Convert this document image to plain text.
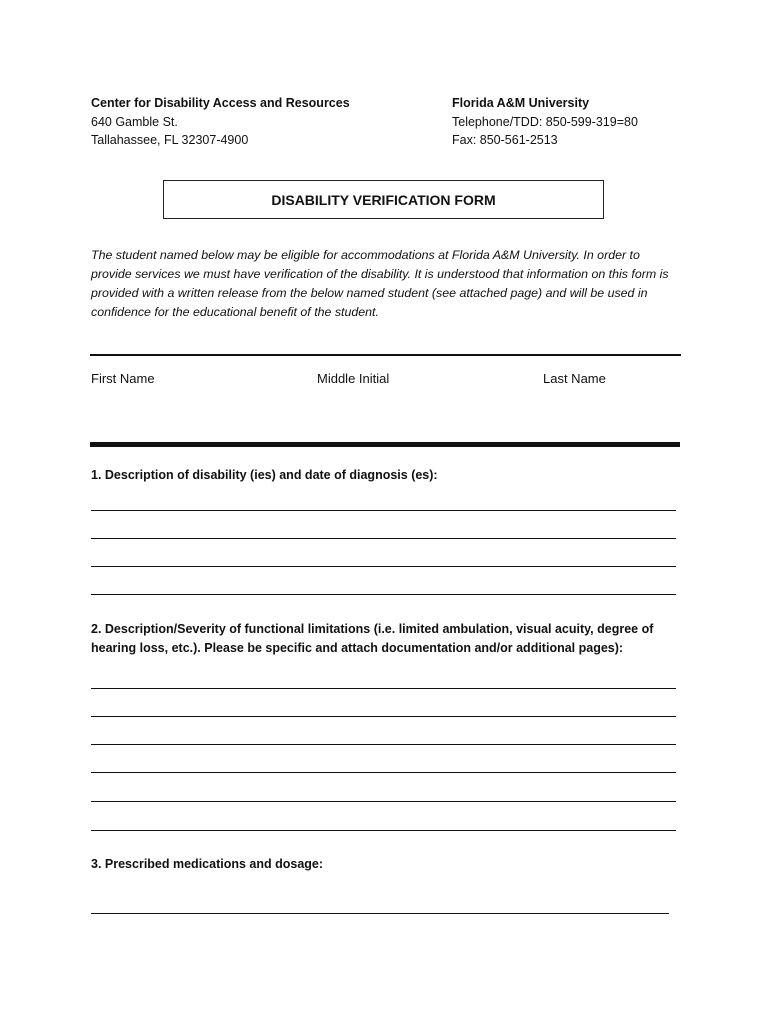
Center for Disability Access and Resources
640 Gamble St.
Tallahassee, FL 32307-4900
Florida A&M University
Telephone/TDD: 850-599-319=80
Fax: 850-561-2513
DISABILITY VERIFICATION FORM
The student named below may be eligible for accommodations at Florida A&M University. In order to provide services we must have verification of the disability. It is understood that information on this form is provided with a written release from the below named student (see attached page) and will be used in confidence for the educational benefit of the student.
First Name	Middle Initial	Last Name
1. Description of disability (ies) and date of diagnosis (es):
2. Description/Severity of functional limitations (i.e. limited ambulation, visual acuity, degree of hearing loss, etc.). Please be specific and attach documentation and/or additional pages):
3. Prescribed medications and dosage:
